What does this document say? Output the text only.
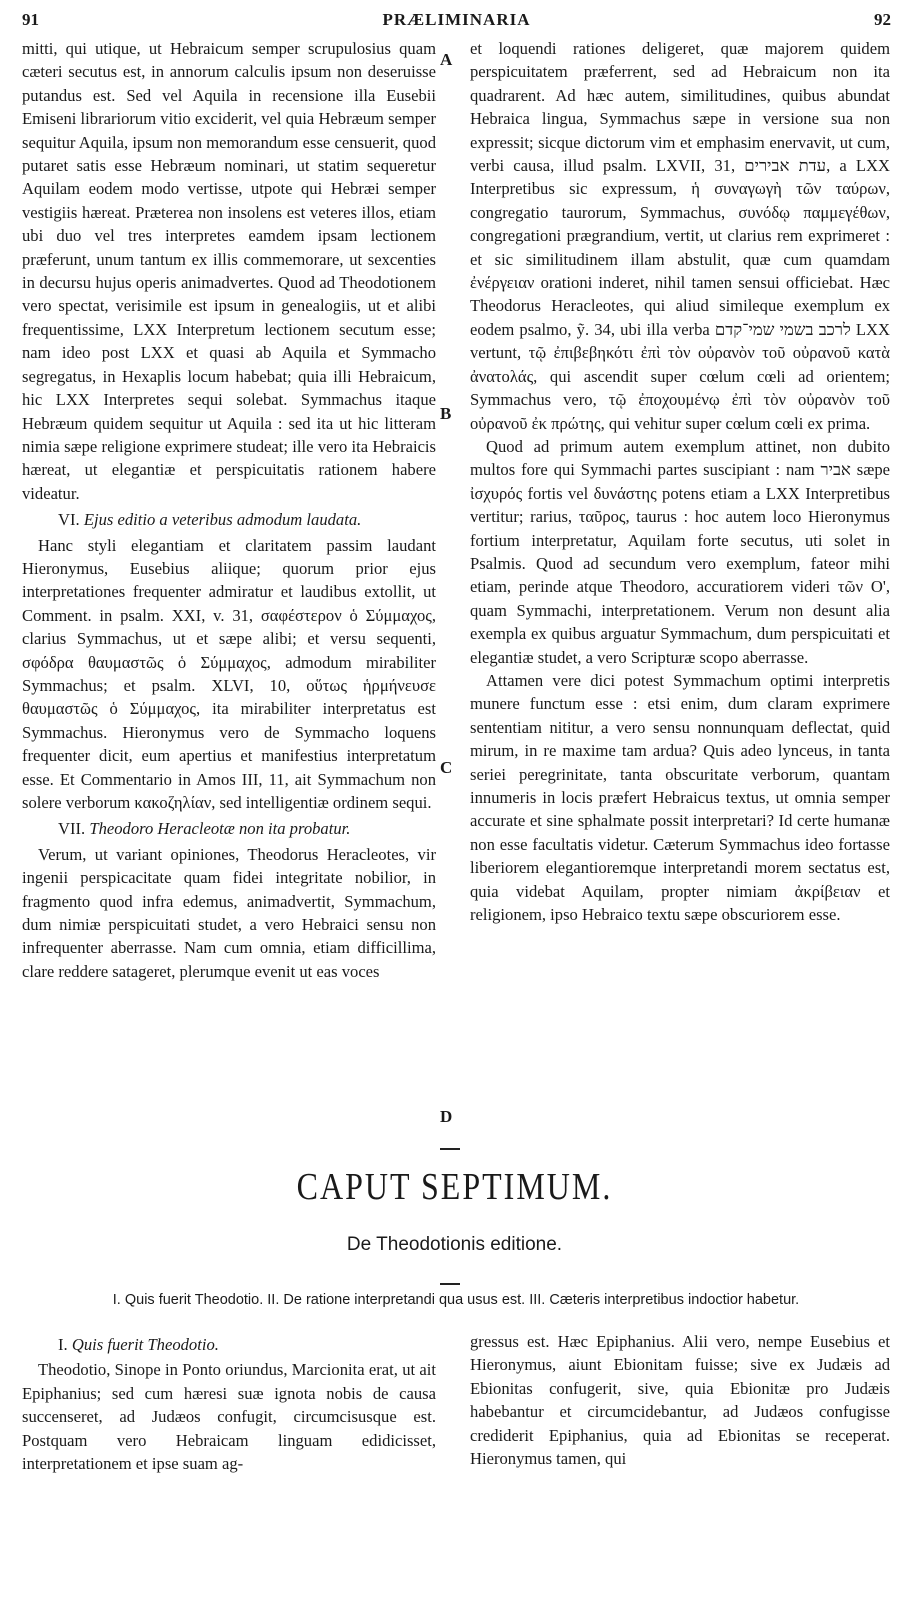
91	PRÆLIMINARIA	92

mitti, qui utique, ut Hebraicum semper scrupulosius quam cæteri secutus est, in annorum calculis ipsum non deseruisse putandus est. Sed vel Aquila in recensione illa Eusebii Emiseni librariorum vitio exciderit, vel quia Hebræum semper sequitur Aquila, ipsum non memorandum esse censuerit, quod putaret satis esse Hebræum nominari, ut statim sequeretur Aquilam eodem modo vertisse, utpote qui Hebræi semper vestigiis hæreat. Præterea non insolens est veteres illos, etiam ubi duo vel tres interpretes eamdem ipsam lectionem præferunt, unum tantum ex illis commemorare, ut sexcenties in decursu hujus operis animadvertes. Quod ad Theodotionem vero spectat, verisimile est ipsum in genealogiis, ut et alibi frequentissime, LXX Interpretum lectionem secutum esse; nam ideo post LXX et quasi ab Aquila et Symmacho segregatus, in Hexaplis locum habebat; quia illi Hebraicum, hic LXX Interpretes sequi solebat. Symmachus itaque Hebræum quidem sequitur ut Aquila : sed ita ut hic litteram nimia sæpe religione exprimere studeat; ille vero ita Hebraicis hæreat, ut elegantiæ et perspicuitatis rationem habere videatur.

VI. Ejus editio a veteribus admodum laudata.

Hanc styli elegantiam et claritatem passim laudant Hieronymus, Eusebius aliique; quorum prior ejus interpretationes frequenter admiratur et laudibus extollit, ut Comment. in psalm. XXI, v. 31, σαφέστερον ὁ Σύμμαχος, clarius Symmachus, ut et sæpe alibi; et versu sequenti, σφόδρα θαυμαστῶς ὁ Σύμμαχος, admodum mirabiliter Symmachus; et psalm. XLVI, 10, οὕτως ἡρμήνευσε θαυμαστῶς ὁ Σύμμαχος, ita mirabiliter interpretatus est Symmachus. Hieronymus vero de Symmacho loquens frequenter dicit, eum apertius et manifestius interpretatum esse. Et Commentario in Amos III, 11, ait Symmachum non solere verborum κακοζηλίαν, sed intelligentiæ ordinem sequi.

VII. Theodoro Heracleotæ non ita probatur.

Verum, ut variant opiniones, Theodorus Heracleotes, vir ingenii perspicacitate quam fidei integritate nobilior, in fragmento quod infra edemus, animadvertit, Symmachum, dum nimiæ perspicuitati studet, a vero Hebraici sensu non infrequenter aberrasse. Nam cum omnia, etiam difficillima, clare reddere satageret, plerumque evenit ut eas voces

et loquendi rationes deligeret, quæ majorem quidem perspicuitatem præferrent, sed ad Hebraicum non ita quadrarent. Ad hæc autem, similitudines, quibus abundat Hebraica lingua, Symmachus sæpe in versione sua non expressit; sicque dictorum vim et emphasim enervavit, ut cum, verbi causa, illud psalm. LXVII, 31, עדת אבירים, a LXX Interpretibus sic expressum, ἡ συναγωγὴ τῶν ταύρων, congregatio taurorum, Symmachus, συνόδῳ παμμεγέθων, congregationi prægrandium, vertit, ut clarius rem exprimeret : et sic similitudinem illam abstulit, quæ cum quamdam ἐνέργειαν orationi inderet, nihil tamen sensui officiebat. Hæc Theodorus Heracleotes, qui aliud simileque exemplum ex eodem psalmo, ỹ. 34, ubi illa verba לרכב בשמי שמי־קדם LXX vertunt, τῷ ἐπιβεβηκότι ἐπὶ τὸν οὐρανὸν τοῦ οὐρανοῦ κατὰ ἀνατολάς, qui ascendit super cœlum cœli ad orientem; Symmachus vero, τῷ ἐποχουμένῳ ἐπὶ τὸν οὐρανὸν τοῦ οὐρανοῦ ἐκ πρώτης, qui vehitur super cœlum cœli ex prima.

Quod ad primum autem exemplum attinet, non dubito multos fore qui Symmachi partes suscipiant : nam אביר sæpe ἰσχυρός fortis vel δυνάστης potens etiam a LXX Interpretibus vertitur; rarius, ταῦρος, taurus : hoc autem loco Hieronymus fortium interpretatur, Aquilam forte secutus, uti solet in Psalmis. Quod ad secundum vero exemplum, fateor mihi etiam, perinde atque Theodoro, accuratiorem videri τῶν Ο', quam Symmachi, interpretationem. Verum non desunt alia exempla ex quibus arguatur Symmachum, dum perspicuitati et elegantiæ studet, a vero Scripturæ scopo aberrasse.

Attamen vere dici potest Symmachum optimi interpretis munere functum esse : etsi enim, dum claram exprimere sententiam nititur, a vero sensu nonnunquam deflectat, quid mirum, in re maxime tam ardua? Quis adeo lynceus, in tanta seriei peregrinitate, tanta obscuritate verborum, quantam innumeris in locis præfert Hebraicus textus, ut omnia semper accurate et sine sphalmate possit interpretari? Id certe humanæ non esse facultatis videtur. Cæterum Symmachus ideo fortasse liberiorem elegantioremque interpretandi morem sectatus est, quia videbat Aquilam, propter nimiam ἀκρίβειαν et religionem, ipso Hebraico textu sæpe obscuriorem esse.

A
B
C
D
CAPUT SEPTIMUM.
De Theodotionis editione.
I. Quis fuerit Theodotio. II. De ratione interpretandi qua usus est. III. Cæteris interpretibus indoctior habetur.
I. Quis fuerit Theodotio.

Theodotio, Sinope in Ponto oriundus, Marcionita erat, ut ait Epiphanius; sed cum hæresi suæ ignota nobis de causa succenseret, ad Judæos confugit, circumcisusque est. Postquam vero Hebraicam linguam edidicisset, interpretationem et ipse suam ag-

gressus est. Hæc Epiphanius. Alii vero, nempe Eusebius et Hieronymus, aiunt Ebionitam fuisse; sive ex Judæis ad Ebionitas confugerit, sive, quia Ebionitæ pro Judæis habebantur et circumcidebantur, ad Judæos confugisse crediderit Epiphanius, quia ad Ebionitas se receperat. Hieronymus tamen, qui
